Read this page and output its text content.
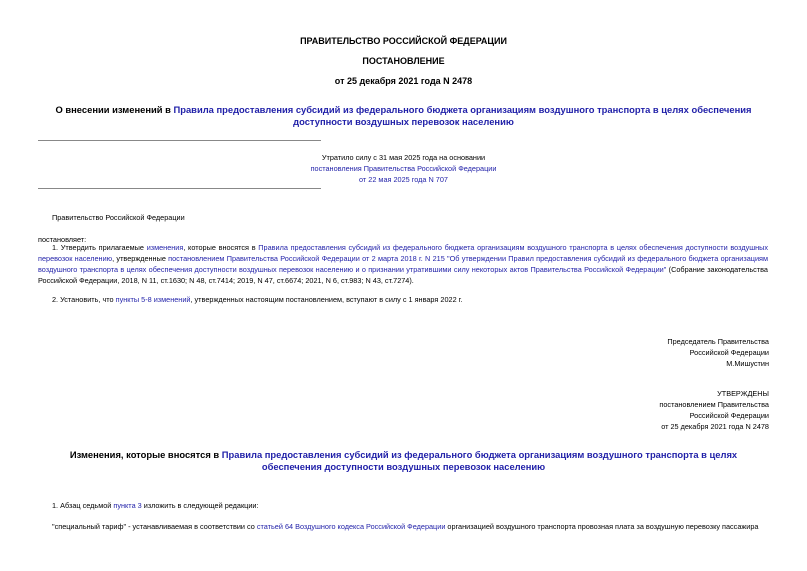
ПРАВИТЕЛЬСТВО РОССИЙСКОЙ ФЕДЕРАЦИИ
ПОСТАНОВЛЕНИЕ
от 25 декабря 2021 года N 2478
О внесении изменений в Правила предоставления субсидий из федерального бюджета организациям воздушного транспорта в целях обеспечения доступности воздушных перевозок населению
Утратило силу с 31 мая 2025 года на основании
постановления Правительства Российской Федерации
от 22 мая 2025 года N 707
Правительство Российской Федерации
постановляет:
1. Утвердить прилагаемые изменения, которые вносятся в Правила предоставления субсидий из федерального бюджета организациям воздушного транспорта в целях обеспечения доступности воздушных перевозок населению, утвержденные постановлением Правительства Российской Федерации от 2 марта 2018 г. N 215 "Об утверждении Правил предоставления субсидий из федерального бюджета организациям воздушного транспорта в целях обеспечения доступности воздушных перевозок населению и о признании утратившими силу некоторых актов Правительства Российской Федерации" (Собрание законодательства Российской Федерации, 2018, N 11, ст.1630; N 48, ст.7414; 2019, N 47, ст.6674; 2021, N 6, ст.983; N 43, ст.7274).
2. Установить, что пункты 5-8 изменений, утвержденных настоящим постановлением, вступают в силу с 1 января 2022 г.
Председатель Правительства
Российской Федерации
М.Мишустин
УТВЕРЖДЕНЫ
постановлением Правительства
Российской Федерации
от 25 декабря 2021 года N 2478
Изменения, которые вносятся в Правила предоставления субсидий из федерального бюджета организациям воздушного транспорта в целях обеспечения доступности воздушных перевозок населению
1. Абзац седьмой пункта 3 изложить в следующей редакции:
"специальный тариф" - устанавливаемая в соответствии со статьей 64 Воздушного кодекса Российской Федерации организацией воздушного транспорта провозная плата за воздушную перевозку пассажира
